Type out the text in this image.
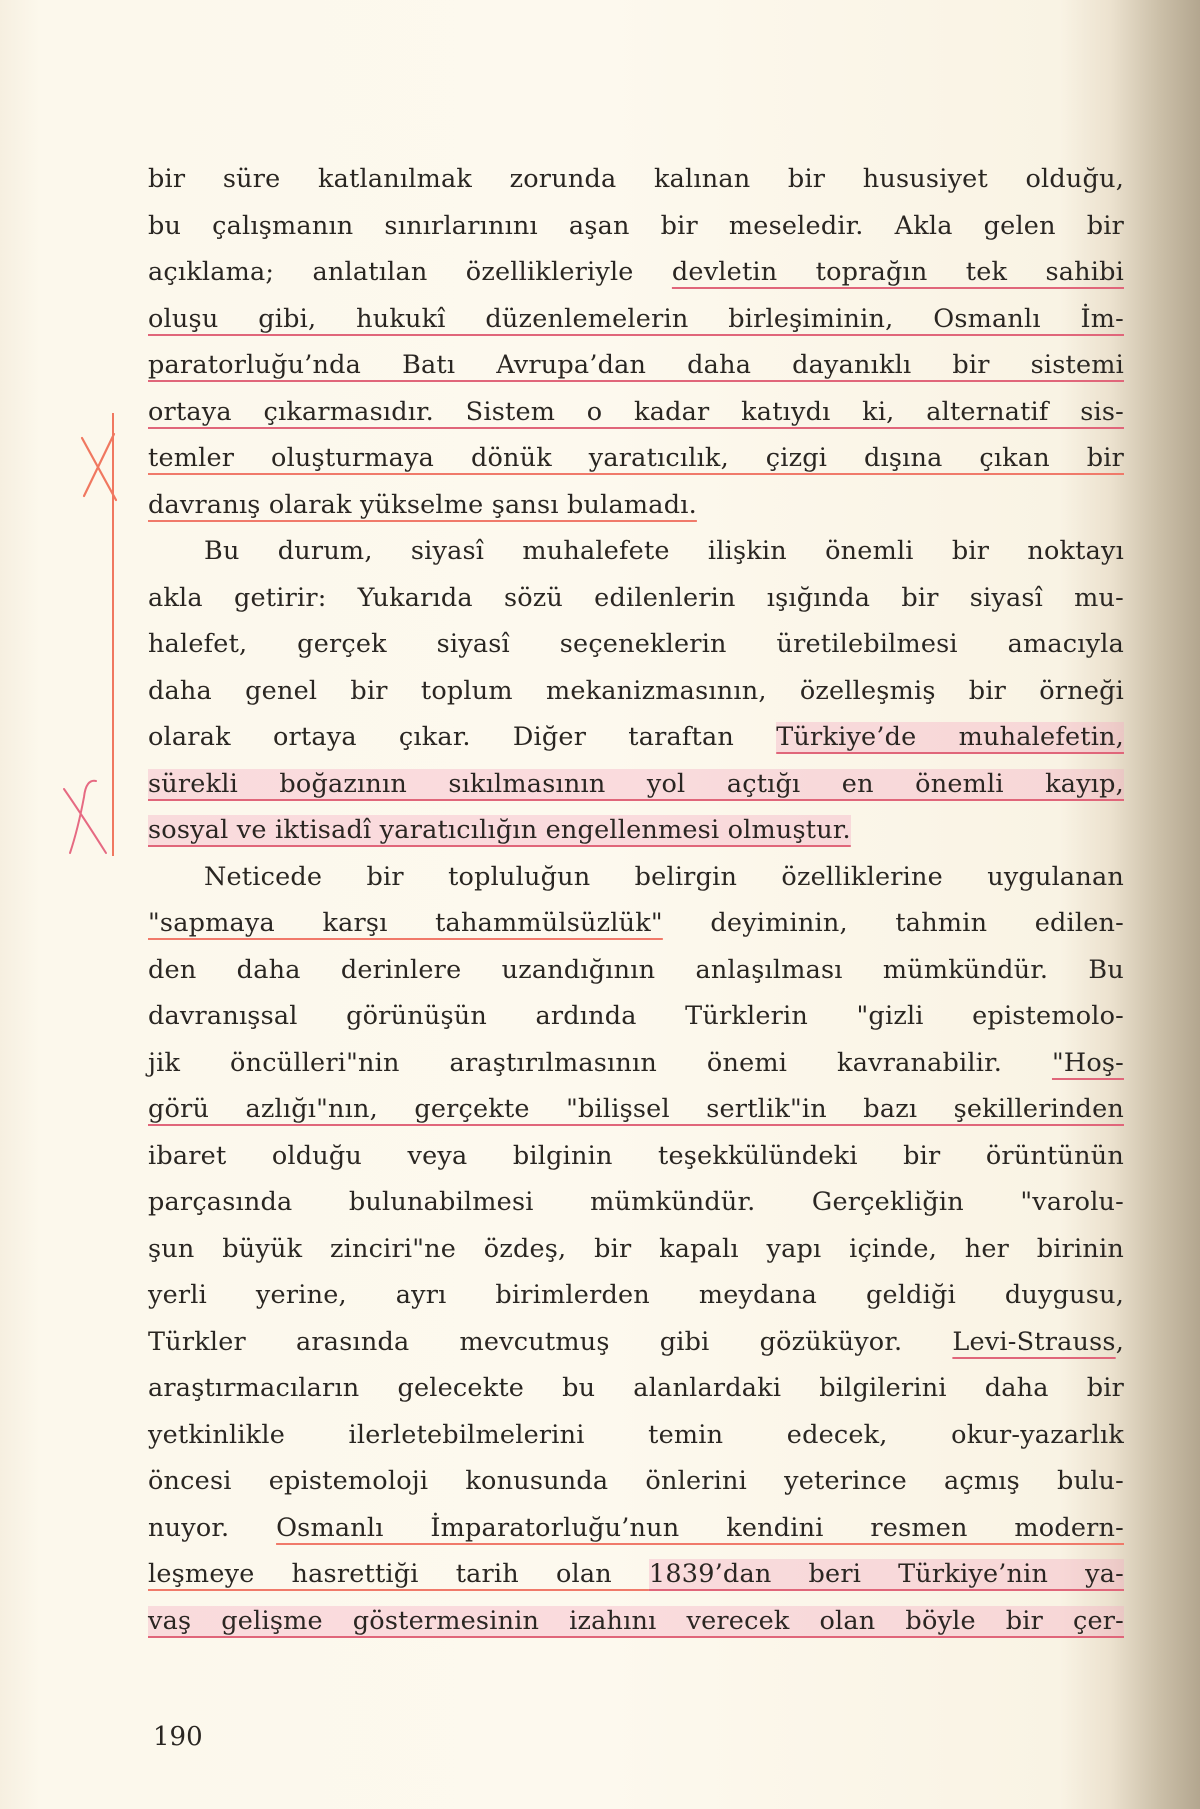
bir süre katlanılmak zorunda kalınan bir hususiyet olduğu,
bu çalışmanın sınırlarınını aşan bir meseledir. Akla gelen bir
açıklama; anlatılan özellikleriyle devletin toprağın tek sahibi
oluşu gibi, hukukî düzenlemelerin birleşiminin, Osmanlı İm-
paratorluğu’nda Batı Avrupa’dan daha dayanıklı bir sistemi
ortaya çıkarmasıdır. Sistem o kadar katıydı ki, alternatif sis-
temler oluşturmaya dönük yaratıcılık, çizgi dışına çıkan bir
davranış olarak yükselme şansı bulamadı.
Bu durum, siyasî muhalefete ilişkin önemli bir noktayı
akla getirir: Yukarıda sözü edilenlerin ışığında bir siyasî mu-
halefet, gerçek siyasî seçeneklerin üretilebilmesi amacıyla
daha genel bir toplum mekanizmasının, özelleşmiş bir örneği
olarak ortaya çıkar. Diğer taraftan Türkiye’de muhalefetin,
sürekli boğazının sıkılmasının yol açtığı en önemli kayıp,
sosyal ve iktisadî yaratıcılığın engellenmesi olmuştur.
Neticede bir topluluğun belirgin özelliklerine uygulanan
"sapmaya karşı tahammülsüzlük" deyiminin, tahmin edilen-
den daha derinlere uzandığının anlaşılması mümkündür. Bu
davranışsal görünüşün ardında Türklerin "gizli epistemolo-
jik öncülleri"nin araştırılmasının önemi kavranabilir. "Hoş-
görü azlığı"nın, gerçekte "bilişsel sertlik"in bazı şekillerinden
ibaret olduğu veya bilginin teşekkülündeki bir örüntünün
parçasında bulunabilmesi mümkündür. Gerçekliğin "varolu-
şun büyük zinciri"ne özdeş, bir kapalı yapı içinde, her birinin
yerli yerine, ayrı birimlerden meydana geldiği duygusu,
Türkler arasında mevcutmuş gibi gözüküyor. Levi-Strauss,
araştırmacıların gelecekte bu alanlardaki bilgilerini daha bir
yetkinlikle ilerletebilmelerini temin edecek, okur-yazarlık
öncesi epistemoloji konusunda önlerini yeterince açmış bulu-
nuyor. Osmanlı İmparatorluğu’nun kendini resmen modern-
leşmeye hasrettiği tarih olan 1839’dan beri Türkiye’nin ya-
vaş gelişme göstermesinin izahını verecek olan böyle bir çer-
190
